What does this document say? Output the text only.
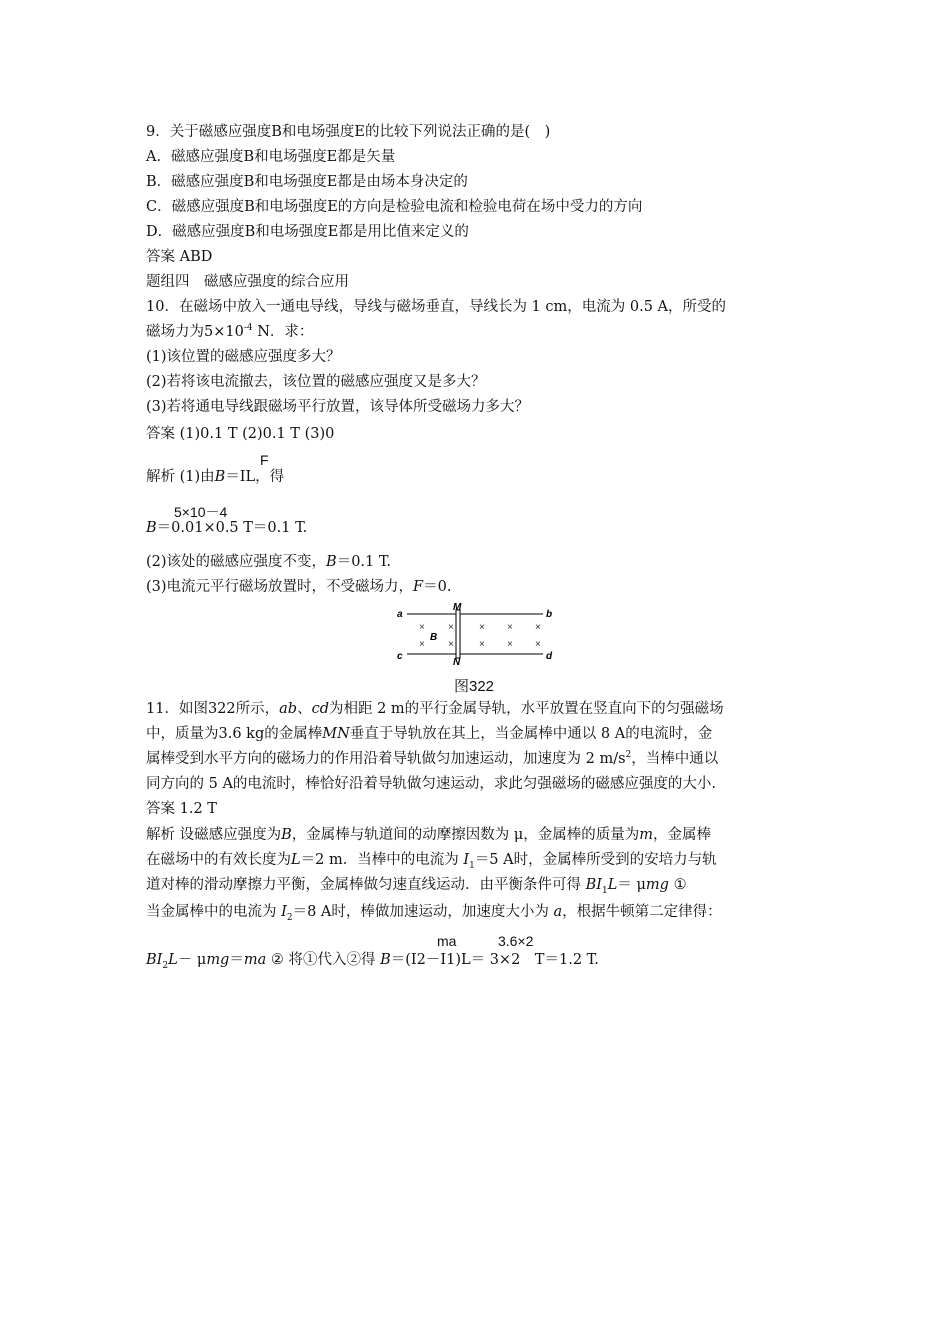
9．关于磁感应强度B和电场强度E的比较下列说法正确的是(　)
A．磁感应强度B和电场强度E都是矢量
B．磁感应强度B和电场强度E都是由场本身决定的
C．磁感应强度B和电场强度E的方向是检验电流和检验电荷在场中受力的方向
D．磁感应强度B和电场强度E都是用比值来定义的
答案 ABD
题组四　磁感应强度的综合应用
10．在磁场中放入一通电导线，导线与磁场垂直，导线长为 1 cm，电流为 0.5 A，所受的
磁场力为$5\times 10^{-4}$ N．求：
(1)该位置的磁感应强度多大？
(2)若将该电流撤去，该位置的磁感应强度又是多大？
(3)若将通电导线跟磁场平行放置，该导体所受磁场力多大？
答案 (1)0.1 T (2)0.1 T (3)0
F
解析 (1)由B＝IL，得
5×10－4
B＝0.01×0.5 T＝0.1 T.
(2)该处的磁感应强度不变，B＝0.1 T.
(3)电流元平行磁场放置时，不受磁场力，F＝0.
a	b
c	d
M
N
B
× ×
× ×
× × ×
× × ×
图322
11．如图322所示，ab、cd为相距 2 m的平行金属导轨，水平放置在竖直向下的匀强磁场
中，质量为3.6 kg的金属棒MN垂直于导轨放在其上，当金属棒中通以 8 A的电流时，金
属棒受到水平方向的磁场力的作用沿着导轨做匀加速运动，加速度为 2 $m/s^2$，当棒中通以
同方向的 5 A的电流时，棒恰好沿着导轨做匀速运动，求此匀强磁场的磁感应强度的大小.
答案 1.2 T
解析 设磁感应强度为B，金属棒与轨道间的动摩擦因数为 μ，金属棒的质量为m，金属棒
在磁场中的有效长度为L＝2 m．当棒中的电流为 $I_1=5$ A时，金属棒所受到的安培力与轨
道对棒的滑动摩擦力平衡，金属棒做匀速直线运动．由平衡条件可得 $BI_1L= \mu mg$ ①
当金属棒中的电流为 $I_2=8$ A时，棒做加速运动，加速度大小为 a，根据牛顿第二定律得：
ma	3.6×2
$BI_2L- \mu mg=ma$ ② 将①代入②得 B＝(I2－I1)L＝ 3×2　T＝1.2 T.
